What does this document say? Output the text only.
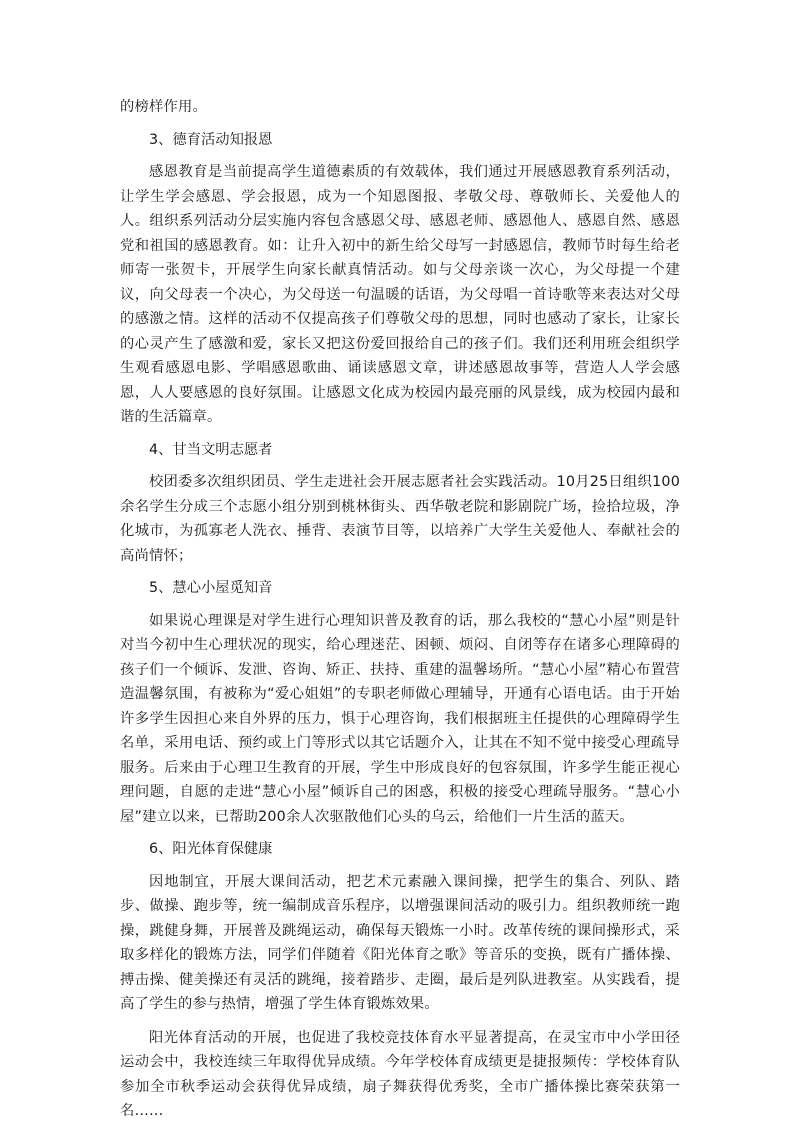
的榜样作用。

3、德育活动知报恩

感恩教育是当前提高学生道德素质的有效载体，我们通过开展感恩教育系列活动，让学生学会感恩、学会报恩，成为一个知恩图报、孝敬父母、尊敬师长、关爱他人的人。组织系列活动分层实施内容包含感恩父母、感恩老师、感恩他人、感恩自然、感恩党和祖国的感恩教育。如：让升入初中的新生给父母写一封感恩信，教师节时每生给老师寄一张贺卡，开展学生向家长献真情活动。如与父母亲谈一次心，为父母提一个建议，向父母表一个决心，为父母送一句温暖的话语，为父母唱一首诗歌等来表达对父母的感激之情。这样的活动不仅提高孩子们尊敬父母的思想，同时也感动了家长，让家长的心灵产生了感激和爱，家长又把这份爱回报给自己的孩子们。我们还利用班会组织学生观看感恩电影、学唱感恩歌曲、诵读感恩文章，讲述感恩故事等，营造人人学会感恩，人人要感恩的良好氛围。让感恩文化成为校园内最亮丽的风景线，成为校园内最和谐的生活篇章。

4、甘当文明志愿者

校团委多次组织团员、学生走进社会开展志愿者社会实践活动。10月25日组织100余名学生分成三个志愿小组分别到桃林街头、西华敬老院和影剧院广场，捡拾垃圾，净化城市，为孤寡老人洗衣、捶背、表演节目等，以培养广大学生关爱他人、奉献社会的高尚情怀；

5、慧心小屋觅知音

如果说心理课是对学生进行心理知识普及教育的话，那么我校的“慧心小屋”则是针对当今初中生心理状况的现实，给心理迷茫、困顿、烦闷、自闭等存在诸多心理障碍的孩子们一个倾诉、发泄、咨询、矫正、扶持、重建的温馨场所。“慧心小屋”精心布置营造温馨氛围，有被称为“爱心姐姐”的专职老师做心理辅导，开通有心语电话。由于开始许多学生因担心来自外界的压力，惧于心理咨询，我们根据班主任提供的心理障碍学生名单，采用电话、预约或上门等形式以其它话题介入，让其在不知不觉中接受心理疏导服务。后来由于心理卫生教育的开展，学生中形成良好的包容氛围，许多学生能正视心理问题，自愿的走进“慧心小屋”倾诉自己的困惑，积极的接受心理疏导服务。“慧心小屋”建立以来，已帮助200余人次驱散他们心头的乌云，给他们一片生活的蓝天。

6、阳光体育保健康

因地制宜，开展大课间活动，把艺术元素融入课间操，把学生的集合、列队、踏步、做操、跑步等，统一编制成音乐程序，以增强课间活动的吸引力。组织教师统一跑操，跳健身舞，开展普及跳绳运动，确保每天锻炼一小时。改革传统的课间操形式，采取多样化的锻炼方法，同学们伴随着《阳光体育之歌》等音乐的变换，既有广播体操、搏击操、健美操还有灵活的跳绳，接着踏步、走圈，最后是列队进教室。从实践看，提高了学生的参与热情，增强了学生体育锻炼效果。

阳光体育活动的开展，也促进了我校竞技体育水平显著提高，在灵宝市中小学田径运动会中，我校连续三年取得优异成绩。今年学校体育成绩更是捷报频传：学校体育队参加全市秋季运动会获得优异成绩，扇子舞获得优秀奖，全市广播体操比赛荣获第一名……
